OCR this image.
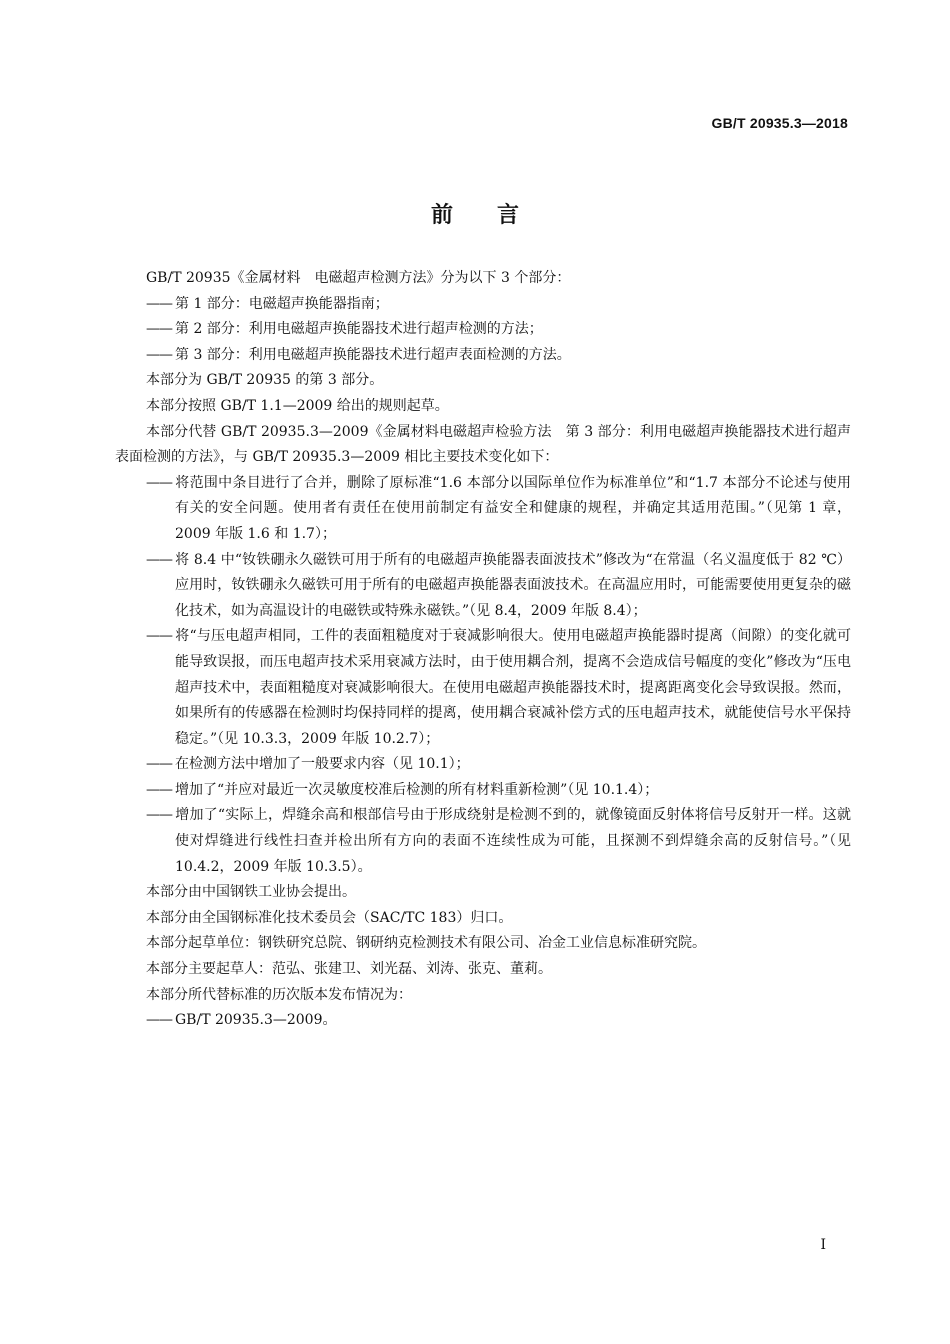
GB/T 20935.3—2018
前言

GB/T 20935《金属材料　电磁超声检测方法》分为以下 3 个部分：

—— 第 1 部分：电磁超声换能器指南；

—— 第 2 部分：利用电磁超声换能器技术进行超声检测的方法；

—— 第 3 部分：利用电磁超声换能器技术进行超声表面检测的方法。

本部分为 GB/T 20935 的第 3 部分。

本部分按照 GB/T 1.1—2009 给出的规则起草。

本部分代替 GB/T 20935.3—2009《金属材料电磁超声检验方法　第 3 部分：利用电磁超声换能器技术进行超声表面检测的方法》，与 GB/T 20935.3—2009 相比主要技术变化如下：

—— 将范围中条目进行了合并，删除了原标准“1.6 本部分以国际单位作为标准单位”和“1.7 本部分不论述与使用有关的安全问题。使用者有责任在使用前制定有益安全和健康的规程，并确定其适用范围。”（见第 1 章，2009 年版 1.6 和 1.7）；

—— 将 8.4 中“钕铁硼永久磁铁可用于所有的电磁超声换能器表面波技术”修改为“在常温（名义温度低于 82 ℃）应用时，钕铁硼永久磁铁可用于所有的电磁超声换能器表面波技术。在高温应用时，可能需要使用更复杂的磁化技术，如为高温设计的电磁铁或特殊永磁铁。”（见 8.4，2009 年版 8.4）；

—— 将“与压电超声相同，工件的表面粗糙度对于衰减影响很大。使用电磁超声换能器时提离（间隙）的变化就可能导致误报，而压电超声技术采用衰减方法时，由于使用耦合剂，提离不会造成信号幅度的变化”修改为“压电超声技术中，表面粗糙度对衰减影响很大。在使用电磁超声换能器技术时，提离距离变化会导致误报。然而，如果所有的传感器在检测时均保持同样的提离，使用耦合衰减补偿方式的压电超声技术，就能使信号水平保持稳定。”（见 10.3.3，2009 年版 10.2.7）；

—— 在检测方法中增加了一般要求内容（见 10.1）；

—— 增加了“并应对最近一次灵敏度校准后检测的所有材料重新检测”（见 10.1.4）；

—— 增加了“实际上，焊缝余高和根部信号由于形成绕射是检测不到的，就像镜面反射体将信号反射开一样。这就使对焊缝进行线性扫查并检出所有方向的表面不连续性成为可能，且探测不到焊缝余高的反射信号。”（见 10.4.2，2009 年版 10.3.5）。

本部分由中国钢铁工业协会提出。

本部分由全国钢标准化技术委员会（SAC/TC 183）归口。

本部分起草单位：钢铁研究总院、钢研纳克检测技术有限公司、冶金工业信息标准研究院。

本部分主要起草人：范弘、张建卫、刘光磊、刘涛、张克、董莉。

本部分所代替标准的历次版本发布情况为：

—— GB/T 20935.3—2009。

I
